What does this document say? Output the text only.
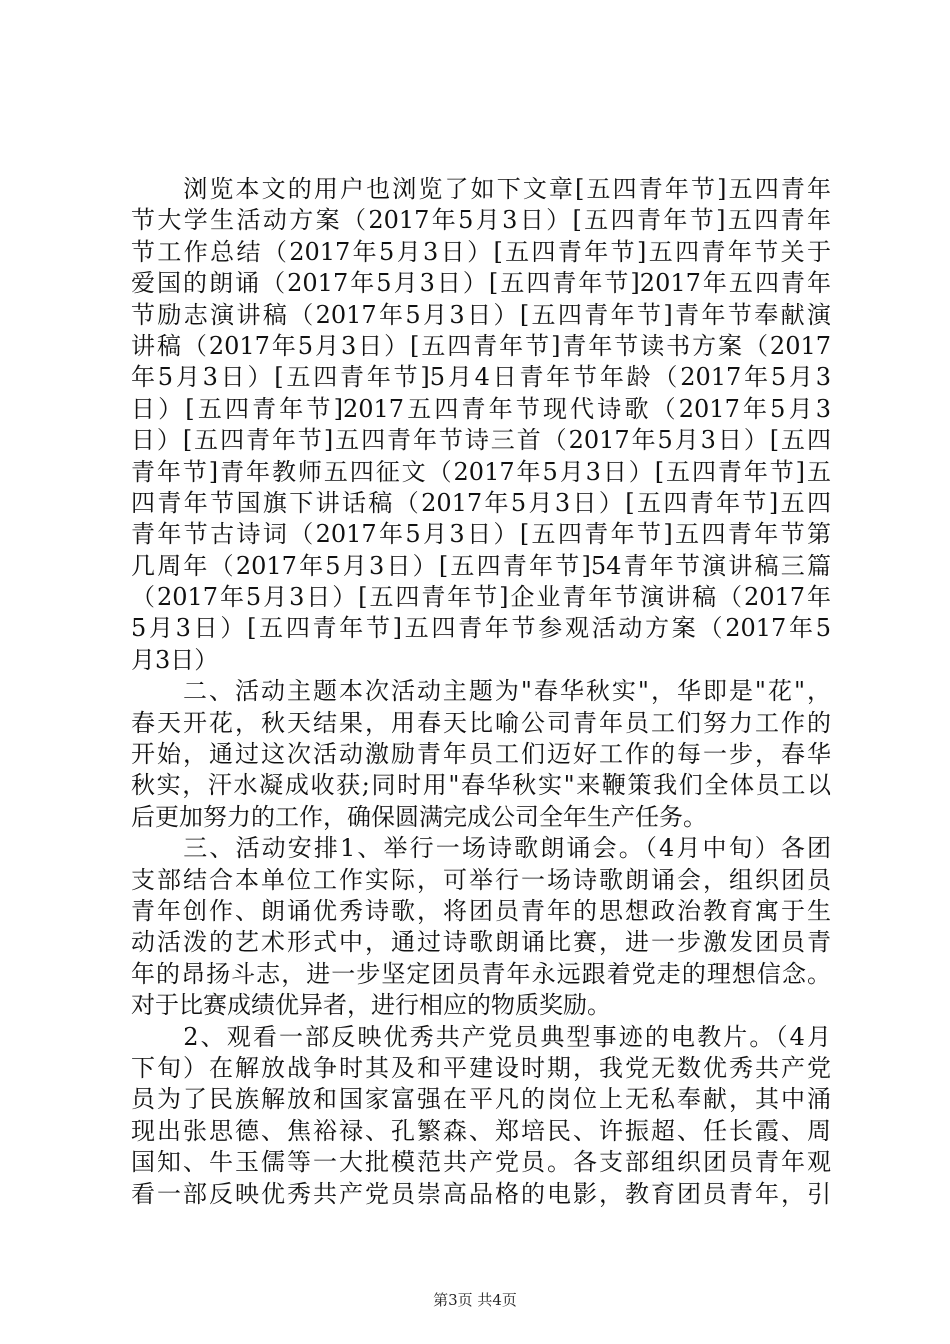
　　浏览本文的用户也浏览了如下文章[五四青年节]五四青年
节大学生活动方案（2017年5月3日）[五四青年节]五四青年
节工作总结（2017年5月3日）[五四青年节]五四青年节关于
爱国的朗诵（2017年5月3日）[五四青年节]2017年五四青年
节励志演讲稿（2017年5月3日）[五四青年节]青年节奉献演
讲稿（2017年5月3日）[五四青年节]青年节读书方案（2017
年5月3日）[五四青年节]5月4日青年节年龄（2017年5月3
日）[五四青年节]2017五四青年节现代诗歌（2017年5月3
日）[五四青年节]五四青年节诗三首（2017年5月3日）[五四
青年节]青年教师五四征文（2017年5月3日）[五四青年节]五
四青年节国旗下讲话稿（2017年5月3日）[五四青年节]五四
青年节古诗词（2017年5月3日）[五四青年节]五四青年节第
几周年（2017年5月3日）[五四青年节]54青年节演讲稿三篇
（2017年5月3日）[五四青年节]企业青年节演讲稿（2017年
5月3日）[五四青年节]五四青年节参观活动方案（2017年5
月3日）
　　二、活动主题本次活动主题为"春华秋实"，华即是"花"，
春天开花，秋天结果，用春天比喻公司青年员工们努力工作的
开始，通过这次活动激励青年员工们迈好工作的每一步，春华
秋实，汗水凝成收获;同时用"春华秋实"来鞭策我们全体员工以
后更加努力的工作，确保圆满完成公司全年生产任务。
　　三、活动安排1、举行一场诗歌朗诵会。（4月中旬）各团
支部结合本单位工作实际，可举行一场诗歌朗诵会，组织团员
青年创作、朗诵优秀诗歌，将团员青年的思想政治教育寓于生
动活泼的艺术形式中，通过诗歌朗诵比赛，进一步激发团员青
年的昂扬斗志，进一步坚定团员青年永远跟着党走的理想信念。
对于比赛成绩优异者，进行相应的物质奖励。
　　2、观看一部反映优秀共产党员典型事迹的电教片。（4月
下旬）在解放战争时其及和平建设时期，我党无数优秀共产党
员为了民族解放和国家富强在平凡的岗位上无私奉献，其中涌
现出张思德、焦裕禄、孔繁森、郑培民、许振超、任长霞、周
国知、牛玉儒等一大批模范共产党员。各支部组织团员青年观
看一部反映优秀共产党员崇高品格的电影，教育团员青年，引
第3页 共4页
